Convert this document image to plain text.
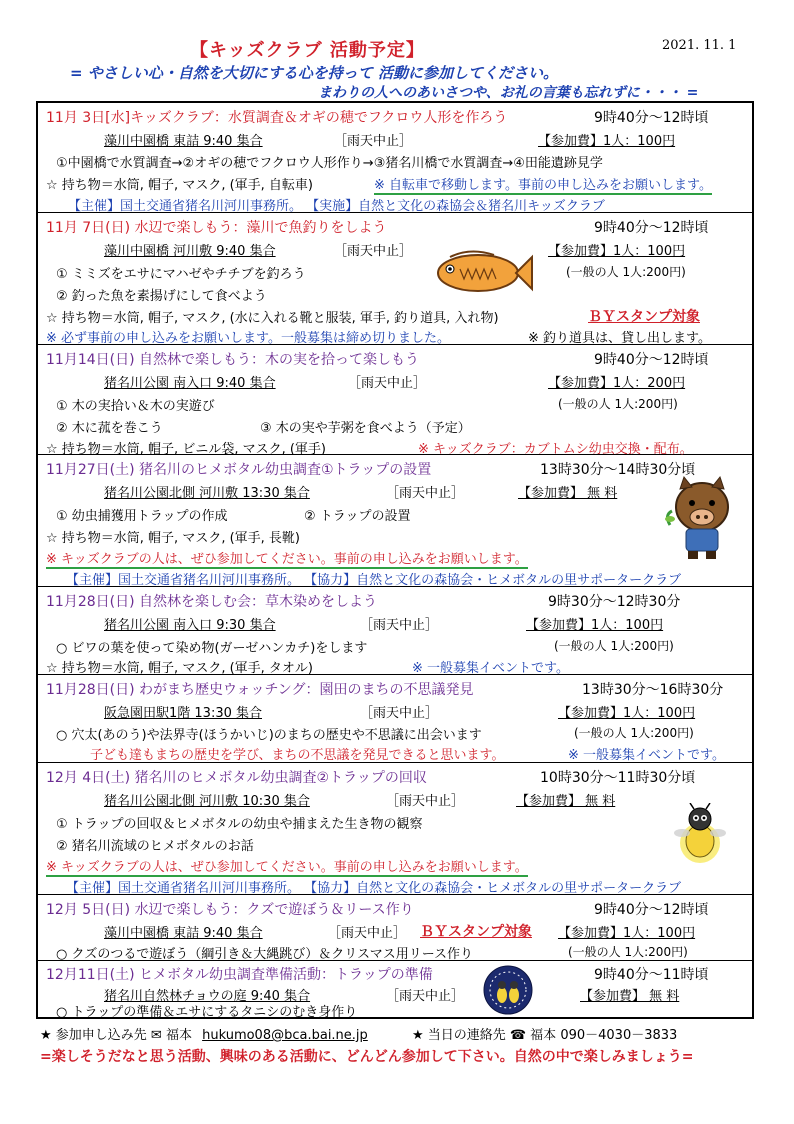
【キッズクラブ 活動予定】	2021. 11. 1
= やさしい心・自然を大切にする心を持って 活動に参加してください。
まわりの人へのあいさつや、お礼の言葉も忘れずに・・・ =
11月 3日[水]キッズクラブ：水質調査＆オギの穂でフクロウ人形を作ろう	9時40分～12時頃
藻川中園橋 東詰 9:40 集合	［雨天中止］	【参加費】1人：100円
①中園橋で水質調査→②オギの穂でフクロウ人形作り→③猪名川橋で水質調査→④田能遺跡見学
☆ 持ち物＝水筒, 帽子, マスク, (軍手, 自転車)	※ 自転車で移動します。事前の申し込みをお願いします。
【主催】国土交通省猪名川河川事務所。 【実施】自然と文化の森協会＆猪名川キッズクラブ
11月 7日(日) 水辺で楽しもう：藻川で魚釣りをしよう	9時40分～12時頃
藻川中園橋 河川敷 9:40 集合	［雨天中止］	【参加費】1人：100円
(一般の人 1人:200円)
① ミミズをエサにマハゼやチチブを釣ろう
② 釣った魚を素揚げにして食べよう
☆ 持ち物＝水筒, 帽子, マスク, (水に入れる靴と服装, 軍手, 釣り道具, 入れ物)	ＢＹスタンプ対象
※ 必ず事前の申し込みをお願いします。一般募集は締め切りました。	※ 釣り道具は、貸し出します。
11月14日(日) 自然林で楽しもう：木の実を拾って楽しもう	9時40分～12時頃
猪名川公園 南入口 9:40 集合	［雨天中止］	【参加費】1人：200円
① 木の実拾い＆木の実遊び	(一般の人 1人:200円)
② 木に菰を巻こう	③ 木の実や芋粥を食べよう（予定）
☆ 持ち物＝水筒, 帽子, ビニル袋, マスク, (軍手)	※ キッズクラブ：カブトムシ幼虫交換・配布。
11月27日(土) 猪名川のヒメボタル幼虫調査①トラップの設置	13時30分～14時30分頃
猪名川公園北側 河川敷 13:30 集合	［雨天中止］	【参加費】 無 料
① 幼虫捕獲用トラップの作成	② トラップの設置
☆ 持ち物＝水筒, 帽子, マスク, (軍手, 長靴)
※ キッズクラブの人は、ぜひ参加してください。事前の申し込みをお願いします。
【主催】国土交通省猪名川河川事務所。 【協力】自然と文化の森協会・ヒメボタルの里サポータークラブ
11月28日(日) 自然林を楽しむ会：草木染めをしよう	9時30分～12時30分
猪名川公園 南入口 9:30 集合	［雨天中止］	【参加費】1人：100円
○ ビワの葉を使って染め物(ガーゼハンカチ)をします	(一般の人 1人:200円)
☆ 持ち物＝水筒, 帽子, マスク, (軍手, タオル)	※ 一般募集イベントです。
11月28日(日) わがまち歴史ウォッチング：園田のまちの不思議発見	13時30分～16時30分
阪急園田駅1階 13:30 集合	［雨天中止］	【参加費】1人：100円
○ 穴太(あのう)や法界寺(ほうかいじ)のまちの歴史や不思議に出会います	(一般の人 1人:200円)
子ども達もまちの歴史を学び、まちの不思議を発見できると思います。	※ 一般募集イベントです。
12月 4日(土) 猪名川のヒメボタル幼虫調査②トラップの回収	10時30分～11時30分頃
猪名川公園北側 河川敷 10:30 集合	［雨天中止］	【参加費】 無 料
① トラップの回収＆ヒメボタルの幼虫や捕まえた生き物の観察
② 猪名川流域のヒメボタルのお話
※ キッズクラブの人は、ぜひ参加してください。事前の申し込みをお願いします。
【主催】国土交通省猪名川河川事務所。 【協力】自然と文化の森協会・ヒメボタルの里サポータークラブ
12月 5日(日) 水辺で楽しもう：クズで遊ぼう＆リース作り	9時40分～12時頃
藻川中園橋 東詰 9:40 集合	［雨天中止］ ＢＹスタンプ対象 【参加費】1人：100円
○ クズのつるで遊ぼう（綱引き＆大縄跳び）＆クリスマス用リース作り	(一般の人 1人:200円)
12月11日(土) ヒメボタル幼虫調査準備活動：トラップの準備	9時40分～11時頃
猪名川自然林チョウの庭 9:40 集合	［雨天中止］	【参加費】 無 料
○ トラップの準備＆エサにするタニシのむき身作り
★ 参加申し込み先 ✉ 福本 hukumo08@bca.bai.ne.jp	★ 当日の連絡先 ☎ 福本 090－4030－3833
=楽しそうだなと思う活動、興味のある活動に、どんどん参加して下さい。自然の中で楽しみましょう=
